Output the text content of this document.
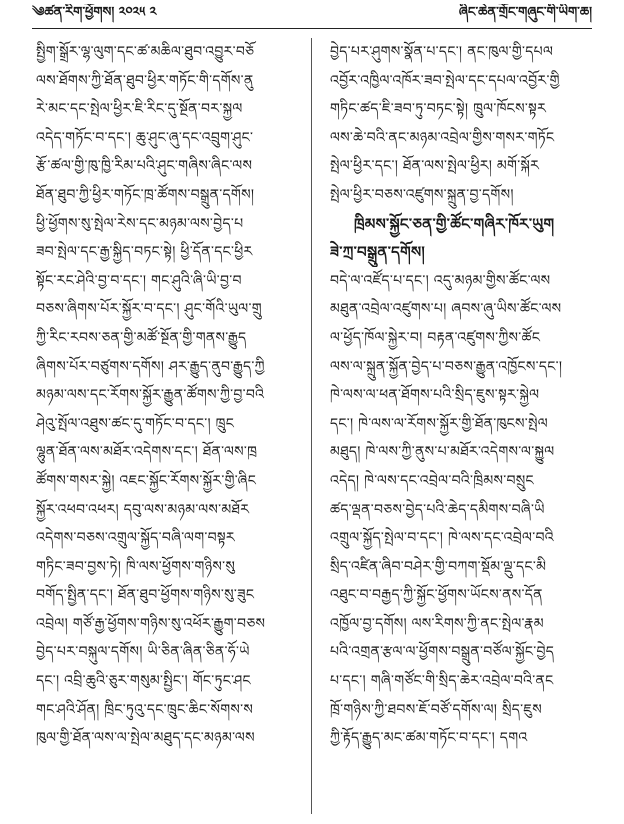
༄ཚན་རིག་ཕྱོགས། ༢༠༢༥ ༢	ཞིང་ཆེན་གྲོང་གཞུང་གི་ཡིག་ཆ།
སྤྱིག་སྒྲོར་ལྷ་ལུག་དང་ཚ་མཆིལ་ཐུབ་འབྱུར་བཅོ
ལས་ཐོགས་ཀྱི་ཐོན་ཐུབ་ཕྱིར་གཏོང་གི་དགོས་ནུ
རེ་མང་དང་སྤེལ་ཕྱིར་ཇི་རིང་དུ་སྔོན་བར་སྐྱལ
འདེད་གཏོང་བ་དང་། ཆུ་ཤུང་ཞུ་དང་འབྲུག་ཤུང་
རྩོ་ཚལ་གྱི་ཁུ་ཁྱི་རིམ་པའི་ཤུང་གཞིས་ཞིང་ལས
ཐོན་ཐུབ་ཀྱི་ཕྱིར་གཏོང་ཁྲ་ཚོགས་བསྒྲུན་དགོས།
ཕྱི་ཕྱོགས་སུ་སྤེལ་རེས་དང་མཉམ་ལས་བྱེད་པ
ཟབ་སྤེལ་དང་རྒྱ་སྐྱིད་བཏང་སྟེ། ཕྱི་དོན་དང་ཕྱིར
སྟོང་རང་ཤེའི་བྱ་བ་དང་། གང་ཤུའི་ཞི་ཡི་བྱ་བ
བཅས་ཞིགས་པོར་སྐྱོར་བ་དང་། ཤུང་གོའི་ཡུལ་གྲུ
ཀྱི་རིང་རབས་ཅན་གྱི་མཚོ་སྔོན་གྱི་གནས་རྒྱུད
ཞིགས་པོར་བཙུགས་དགོས། ཤར་རྒྱུད་ནུབ་རྒྱུད་ཀྱི
མཉམ་ལས་དང་རོགས་སྐྱོར་རྒྱུན་ཚོགས་ཀྱི་བྱ་བའི
ཤེའུ་སྤོལ་འཐུས་ཚང་དུ་གཏོང་བ་དང་། ཁྲུང
ལྷུན་ཐོན་ལས་མཐོར་འདེགས་དང་། ཐོན་ལས་ཁྲ
ཚོགས་གསར་སྐྱེ། འཇང་སྐྱོང་རོགས་སྐྱོར་གྱི་ཞིང
སྐྱོར་འཕབ་འཕར། དབུ་ལས་མཉམ་ལས་མཐོར
འདེགས་བཅས་འགྲུལ་སྐྱོད་བཞི་ལག་བསྟར
གཏིང་ཟབ་བྱས་ཏེ། ཁི་ལས་ཕྱོགས་གཉིས་སུ
བགོད་སྤྱིན་དང་། ཐོན་ཐུབ་ཕྱོགས་གཉིས་སུ་ཟུང
འབྲེལ། གཙོ་རྒྱ་ཕྱོགས་གཉིས་སུ་འཕོར་རྒྱུག་བཅས
བྱེད་པར་བསྐུལ་དགོས། ཡི་ཅིན་ཞིན་ཅིན་ཧོ་ཡེ
དང་། འབྲི་ཆུའི་ཅུར་གསུམ་སྤྱིང་། གོང་ཏུང་ཤང
གང་ཤའི་ཤོན། ཁྲིང་ཏུའུ་དང་ཁྲུང་ཆིང་སོགས་ས
ཁུལ་གྱི་ཐོན་ལས་ལ་སྤེལ་མཐུད་དང་མཉམ་ལས
བྱེད་པར་ཤུགས་སྣོན་པ་དང་། ནང་ཁུལ་གྱི་དཔལ
འབྱོར་འཁྱིལ་འཁོར་ཟབ་སྤེལ་དང་དཔལ་འབྱོར་གྱི
གཏིང་ཚད་ཇི་ཟབ་ཏུ་བཏང་སྟེ། ཁྲུལ་ཁོངས་སྟར
ལས་ཆེ་བའི་ནང་མཉམ་འབྲེལ་གྱིས་གསར་གཏོང
སྤེལ་ཕྱིར་དང་། ཐོན་ལས་སྤེལ་ཕྱིར། མགོ་སྐོར
སྤེལ་ཕྱིར་བཅས་འཛུགས་སྐྲུན་བྱ་དགོས།
ཁྲིམས་སྐྱོང་ཅན་གྱི་ཚོང་གཞིར་ཁོར་ཡུག
ཟེ་ཀྲ་བསྒྲུན་དགོས།
བདེ་ལ་འཛོད་པ་དང་། འདུ་མཉམ་གྱིས་ཚོང་ལས
མཐུན་འབྲེལ་འཛུགས་པ། ཞབས་ཞུ་ཡིས་ཚོང་ལས
ལ་ཕྱོད་ཁོལ་སྐྱེར་བ། བརྟན་འཛུགས་ཀྱིས་ཚོང
ལས་ལ་སྐྲུན་སྐྱོན་བྱེད་པ་བཅས་རྒྱུན་འཁྱོངས་དང་།
ཁེ་ལས་ལ་ཕན་ཐོགས་པའི་སྲིད་ཇུས་སྟར་སྐྱེལ
དང་། ཁེ་ལས་ལ་རོགས་སྐྱོར་གྱི་ཐོན་ཁུངས་སྤེལ
མཐུད། ཁེ་ལས་ཀྱི་ནུས་པ་མཐོར་འདེགས་ལ་སྐྱུལ
འདེད། ཁེ་ལས་དང་འབྲེལ་བའི་ཁྲིམས་བསྲུང
ཚད་ལྡན་བཅས་བྱེད་པའི་ཆེད་དམིགས་བཞི་ཡི
འགྲུལ་སྐྱོད་སྤེལ་བ་དང་། ཁེ་ལས་དང་འབྲེལ་བའི
སྲིད་འཛིན་ཞིབ་བཤེར་གྱི་བཀག་སྡོམ་ལྡུ་དང་མི
འཐུང་བ་བརྒྱད་ཀྱི་སྐྱོང་ཕྱོགས་ཡོངས་ནས་དོན
འཁྱོལ་བྱ་དགོས། ལས་རིགས་ཀྱི་ནང་སྤེལ་རྣམ
པའི་འགྲན་རྩལ་ལ་ཕྱོགས་བསྒྲུན་བཙོལ་སྐྱོང་བྱེད
པ་དང་། གཞི་གཙོང་གི་སྲིད་ཆེར་འབྲེལ་བའི་ནང
ཁྲོ་གཉིས་ཀྱི་ཐབས་ཇོ་བཙོ་དགོས་ལ། སྲིད་ཇུས
ཀྱི་རྟོད་རྒྱུད་མང་ཚམ་གཏོང་བ་དང་། དགའ
